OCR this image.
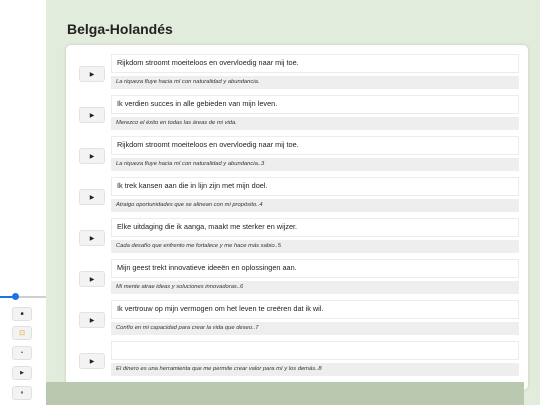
■
⊡
•
▶
⏸
Belga-Holandés
▶
Rijkdom stroomt moeiteloos en overvloedig naar mij toe.
La riqueza fluye hacia mí con naturalidad y abundancia.
▶
Ik verdien succes in alle gebieden van mijn leven.
Merezco el éxito en todas las áreas de mi vida.
▶
Rijkdom stroomt moeiteloos en overvloedig naar mij toe.
La riqueza fluye hacia mí con naturalidad y abundancia..3
▶
Ik trek kansen aan die in lijn zijn met mijn doel.
Atraigo oportunidades que se alinean con mi propósito..4
▶
Elke uitdaging die ik aanga, maakt me sterker en wijzer.
Cada desafío que enfrento me fortalece y me hace más sabio..5
▶
Mijn geest trekt innovatieve ideeën en oplossingen aan.
Mi mente atrae ideas y soluciones innovadoras..6
▶
Ik vertrouw op mijn vermogen om het leven te creëren dat ik wil.
Confío en mi capacidad para crear la vida que deseo..7
▶
El dinero es una herramienta que me permite crear valor para mí y los demás..8
